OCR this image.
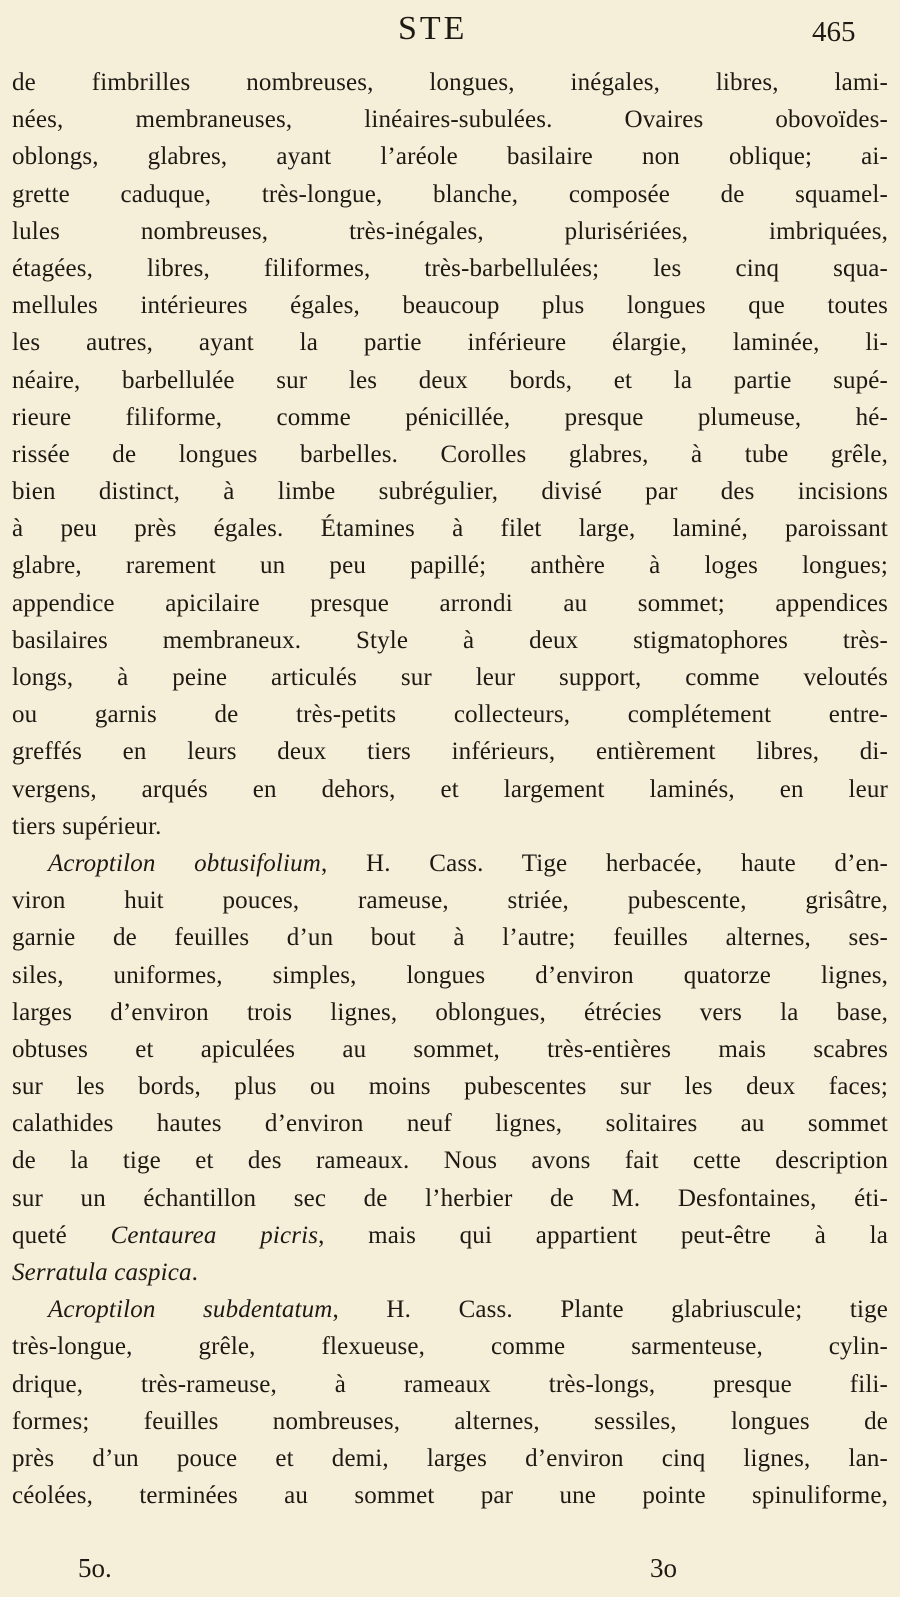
STE	465
de fimbrilles nombreuses, longues, inégales, libres, lami-
nées, membraneuses, linéaires-subulées. Ovaires obovoïdes-
oblongs, glabres, ayant l’aréole basilaire non oblique; ai-
grette caduque, très-longue, blanche, composée de squamel-
lules nombreuses, très-inégales, plurisériées, imbriquées,
étagées, libres, filiformes, très-barbellulées; les cinq squa-
mellules intérieures égales, beaucoup plus longues que toutes
les autres, ayant la partie inférieure élargie, laminée, li-
néaire, barbellulée sur les deux bords, et la partie supé-
rieure filiforme, comme pénicillée, presque plumeuse, hé-
rissée de longues barbelles. Corolles glabres, à tube grêle,
bien distinct, à limbe subrégulier, divisé par des incisions
à peu près égales. Étamines à filet large, laminé, paroissant
glabre, rarement un peu papillé; anthère à loges longues;
appendice apicilaire presque arrondi au sommet; appendices
basilaires membraneux. Style à deux stigmatophores très-
longs, à peine articulés sur leur support, comme veloutés
ou garnis de très-petits collecteurs, complétement entre-
greffés en leurs deux tiers inférieurs, entièrement libres, di-
vergens, arqués en dehors, et largement laminés, en leur
tiers supérieur.
Acroptilon obtusifolium, H. Cass. Tige herbacée, haute d’en-
viron huit pouces, rameuse, striée, pubescente, grisâtre,
garnie de feuilles d’un bout à l’autre; feuilles alternes, ses-
siles, uniformes, simples, longues d’environ quatorze lignes,
larges d’environ trois lignes, oblongues, étrécies vers la base,
obtuses et apiculées au sommet, très-entières mais scabres
sur les bords, plus ou moins pubescentes sur les deux faces;
calathides hautes d’environ neuf lignes, solitaires au sommet
de la tige et des rameaux. Nous avons fait cette description
sur un échantillon sec de l’herbier de M. Desfontaines, éti-
queté Centaurea picris, mais qui appartient peut-être à la
Serratula caspica.
Acroptilon subdentatum, H. Cass. Plante glabriuscule; tige
très-longue, grêle, flexueuse, comme sarmenteuse, cylin-
drique, très-rameuse, à rameaux très-longs, presque fili-
formes; feuilles nombreuses, alternes, sessiles, longues de
près d’un pouce et demi, larges d’environ cinq lignes, lan-
céolées, terminées au sommet par une pointe spinuliforme,
5o.	3o
